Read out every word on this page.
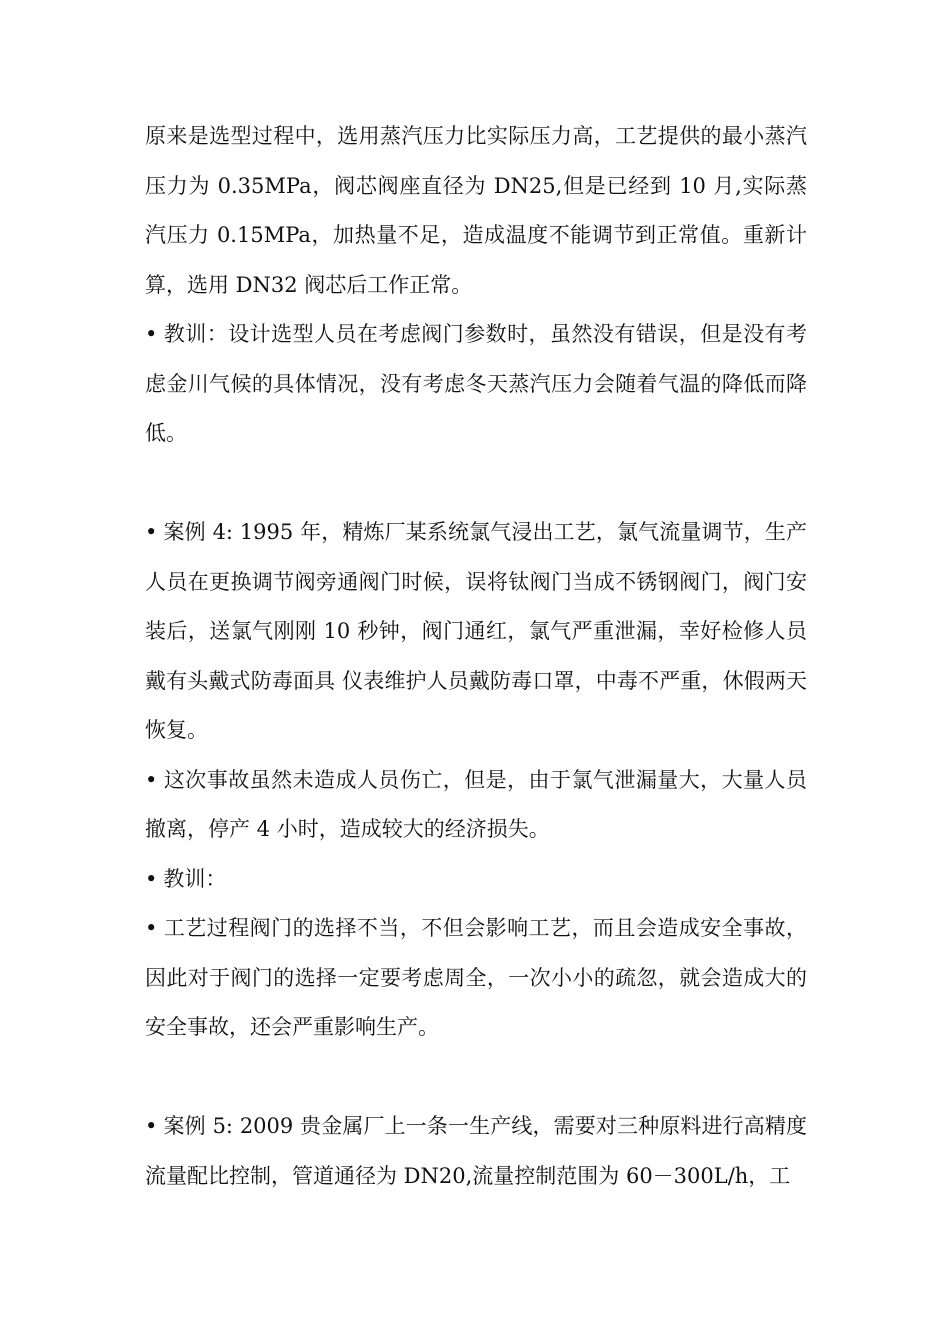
原来是选型过程中，选用蒸汽压力比实际压力高，工艺提供的最小蒸汽压力为 0.35MPa，阀芯阀座直径为 DN25,但是已经到 10 月,实际蒸汽压力 0.15MPa，加热量不足，造成温度不能调节到正常值。重新计算，选用 DN32 阀芯后工作正常。

• 教训：设计选型人员在考虑阀门参数时，虽然没有错误，但是没有考虑金川气候的具体情况，没有考虑冬天蒸汽压力会随着气温的降低而降低。

• 案例 4: 1995 年，精炼厂某系统氯气浸出工艺，氯气流量调节，生产人员在更换调节阀旁通阀门时候，误将钛阀门当成不锈钢阀门，阀门安装后，送氯气刚刚 10 秒钟，阀门通红，氯气严重泄漏，幸好检修人员戴有头戴式防毒面具 仪表维护人员戴防毒口罩，中毒不严重，休假两天恢复。

• 这次事故虽然未造成人员伤亡，但是，由于氯气泄漏量大，大量人员撤离，停产 4 小时，造成较大的经济损失。

• 教训：

• 工艺过程阀门的选择不当，不但会影响工艺，而且会造成安全事故，因此对于阀门的选择一定要考虑周全，一次小小的疏忽，就会造成大的安全事故，还会严重影响生产。

• 案例 5: 2009 贵金属厂上一条一生产线，需要对三种原料进行高精度流量配比控制，管道通径为 DN20,流量控制范围为 60－300L/h，工
